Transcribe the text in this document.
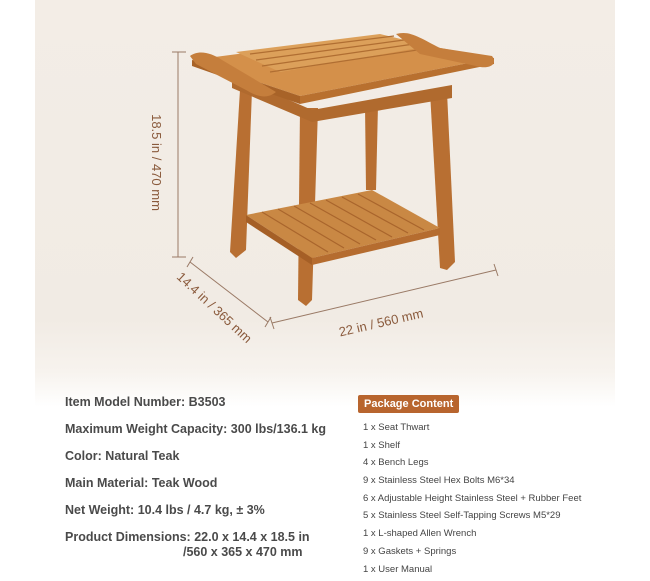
18.5 in / 470 mm
14.4 in / 365 mm	22 in / 560 mm
Item Model Number: B3503
Maximum Weight Capacity: 300 lbs/136.1 kg
Color: Natural Teak
Main Material: Teak Wood
Net Weight: 10.4 lbs / 4.7 kg, ± 3%
Product Dimensions: 22.0 x 14.4 x 18.5 in
/560 x 365 x 470 mm
Package Content
1 x Seat Thwart
1 x Shelf
4 x Bench Legs
9 x Stainless Steel Hex Bolts M6*34
6 x Adjustable Height Stainless Steel + Rubber Feet
5 x Stainless Steel Self-Tapping Screws M5*29
1 x L-shaped Allen Wrench
9 x Gaskets + Springs
1 x User Manual
